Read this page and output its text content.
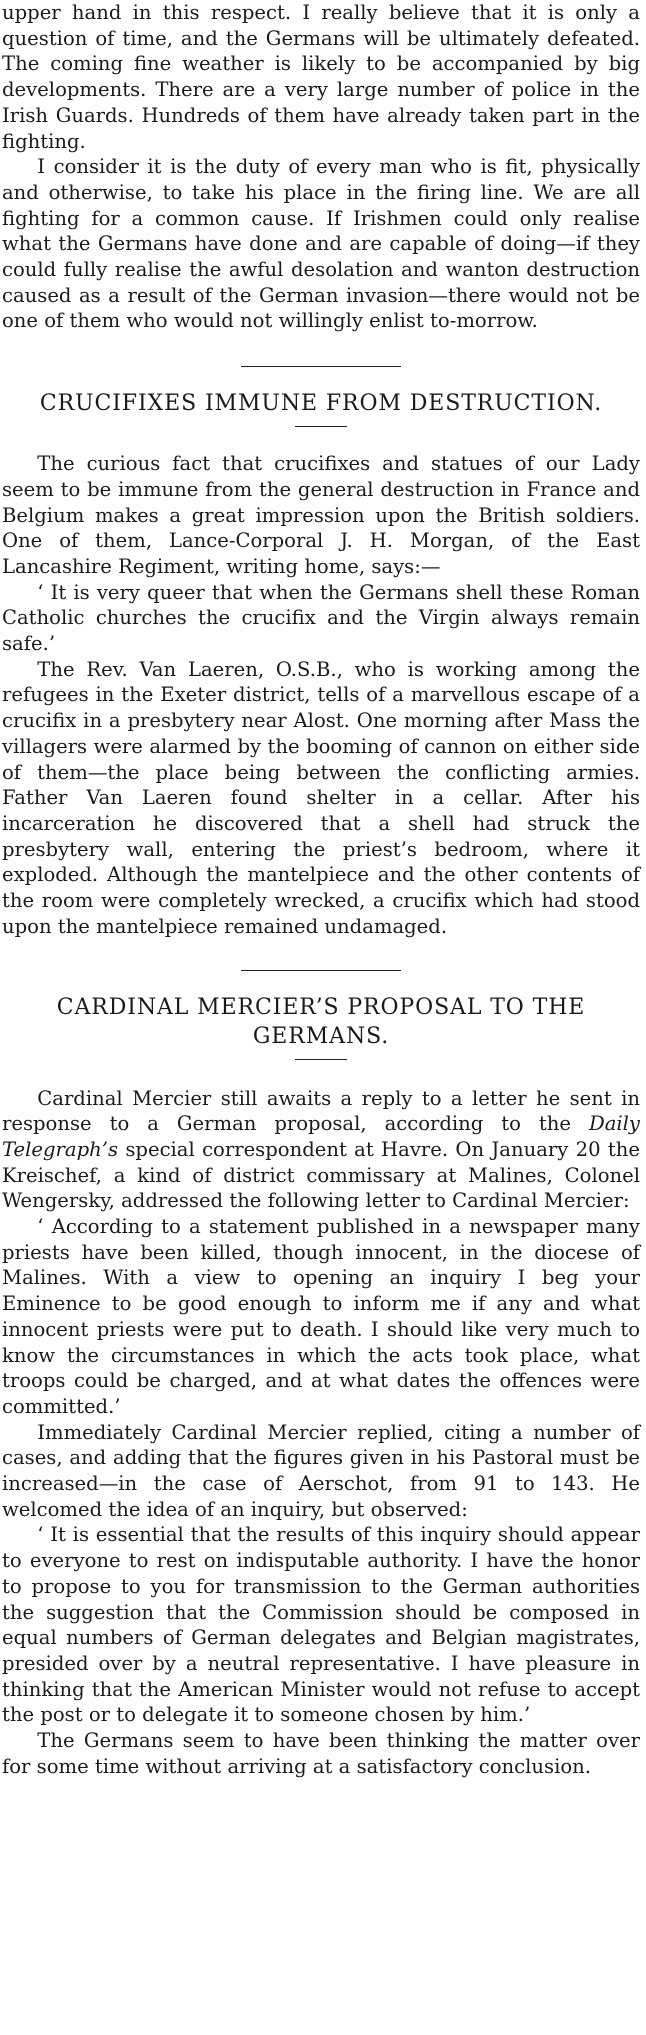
upper hand in this respect. I really believe that it is only a question of time, and the Germans will be ultimately defeated. The coming fine weather is likely to be accompanied by big developments. There are a very large number of police in the Irish Guards. Hundreds of them have already taken part in the fighting.

I consider it is the duty of every man who is fit, physically and otherwise, to take his place in the firing line. We are all fighting for a common cause. If Irishmen could only realise what the Germans have done and are capable of doing—if they could fully realise the awful desolation and wanton destruction caused as a result of the German invasion—there would not be one of them who would not willingly enlist to-morrow.

CRUCIFIXES IMMUNE FROM DESTRUCTION.

The curious fact that crucifixes and statues of our Lady seem to be immune from the general destruction in France and Belgium makes a great impression upon the British soldiers. One of them, Lance-Corporal J. H. Morgan, of the East Lancashire Regiment, writing home, says:—

‘ It is very queer that when the Germans shell these Roman Catholic churches the crucifix and the Virgin always remain safe.’

The Rev. Van Laeren, O.S.B., who is working among the refugees in the Exeter district, tells of a marvellous escape of a crucifix in a presbytery near Alost. One morning after Mass the villagers were alarmed by the booming of cannon on either side of them—the place being between the conflicting armies. Father Van Laeren found shelter in a cellar. After his incarceration he discovered that a shell had struck the presbytery wall, entering the priest’s bedroom, where it exploded. Although the mantelpiece and the other contents of the room were completely wrecked, a crucifix which had stood upon the mantelpiece remained undamaged.

CARDINAL MERCIER’S PROPOSAL TO THE GERMANS.

Cardinal Mercier still awaits a reply to a letter he sent in response to a German proposal, according to the Daily Telegraph’s special correspondent at Havre. On January 20 the Kreischef, a kind of district commissary at Malines, Colonel Wengersky, addressed the following letter to Cardinal Mercier:

‘ According to a statement published in a newspaper many priests have been killed, though innocent, in the diocese of Malines. With a view to opening an inquiry I beg your Eminence to be good enough to inform me if any and what innocent priests were put to death. I should like very much to know the circumstances in which the acts took place, what troops could be charged, and at what dates the offences were committed.’

Immediately Cardinal Mercier replied, citing a number of cases, and adding that the figures given in his Pastoral must be increased—in the case of Aerschot, from 91 to 143. He welcomed the idea of an inquiry, but observed:

‘ It is essential that the results of this inquiry should appear to everyone to rest on indisputable authority. I have the honor to propose to you for transmission to the German authorities the suggestion that the Commission should be composed in equal numbers of German delegates and Belgian magistrates, presided over by a neutral representative. I have pleasure in thinking that the American Minister would not refuse to accept the post or to delegate it to someone chosen by him.’

The Germans seem to have been thinking the matter over for some time without arriving at a satisfactory conclusion.
